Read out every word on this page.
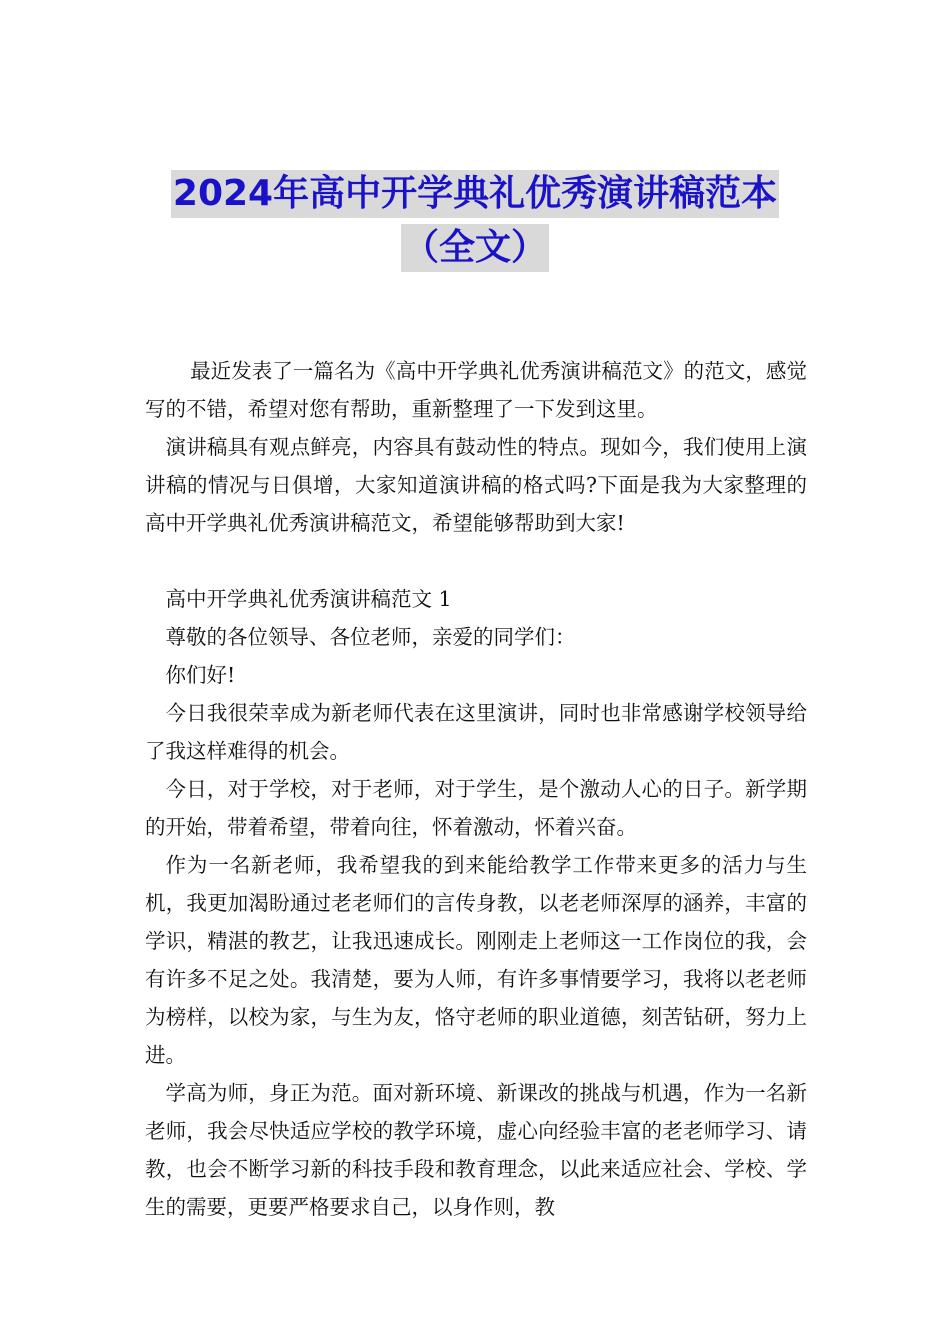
2024年高中开学典礼优秀演讲稿范本
（全文）

最近发表了一篇名为《高中开学典礼优秀演讲稿范文》的范文，感觉写的不错，希望对您有帮助，重新整理了一下发到这里。

演讲稿具有观点鲜亮，内容具有鼓动性的特点。现如今，我们使用上演讲稿的情况与日俱增，大家知道演讲稿的格式吗?下面是我为大家整理的高中开学典礼优秀演讲稿范文，希望能够帮助到大家!

高中开学典礼优秀演讲稿范文 1

尊敬的各位领导、各位老师，亲爱的同学们：

你们好!

今日我很荣幸成为新老师代表在这里演讲，同时也非常感谢学校领导给了我这样难得的机会。

今日，对于学校，对于老师，对于学生，是个激动人心的日子。新学期的开始，带着希望，带着向往，怀着激动，怀着兴奋。

作为一名新老师，我希望我的到来能给教学工作带来更多的活力与生机，我更加渴盼通过老老师们的言传身教，以老老师深厚的涵养，丰富的学识，精湛的教艺，让我迅速成长。刚刚走上老师这一工作岗位的我，会有许多不足之处。我清楚，要为人师，有许多事情要学习，我将以老老师为榜样，以校为家，与生为友，恪守老师的职业道德，刻苦钻研，努力上进。

学高为师，身正为范。面对新环境、新课改的挑战与机遇，作为一名新老师，我会尽快适应学校的教学环境，虚心向经验丰富的老老师学习、请教，也会不断学习新的科技手段和教育理念，以此来适应社会、学校、学生的需要，更要严格要求自己，以身作则，教
